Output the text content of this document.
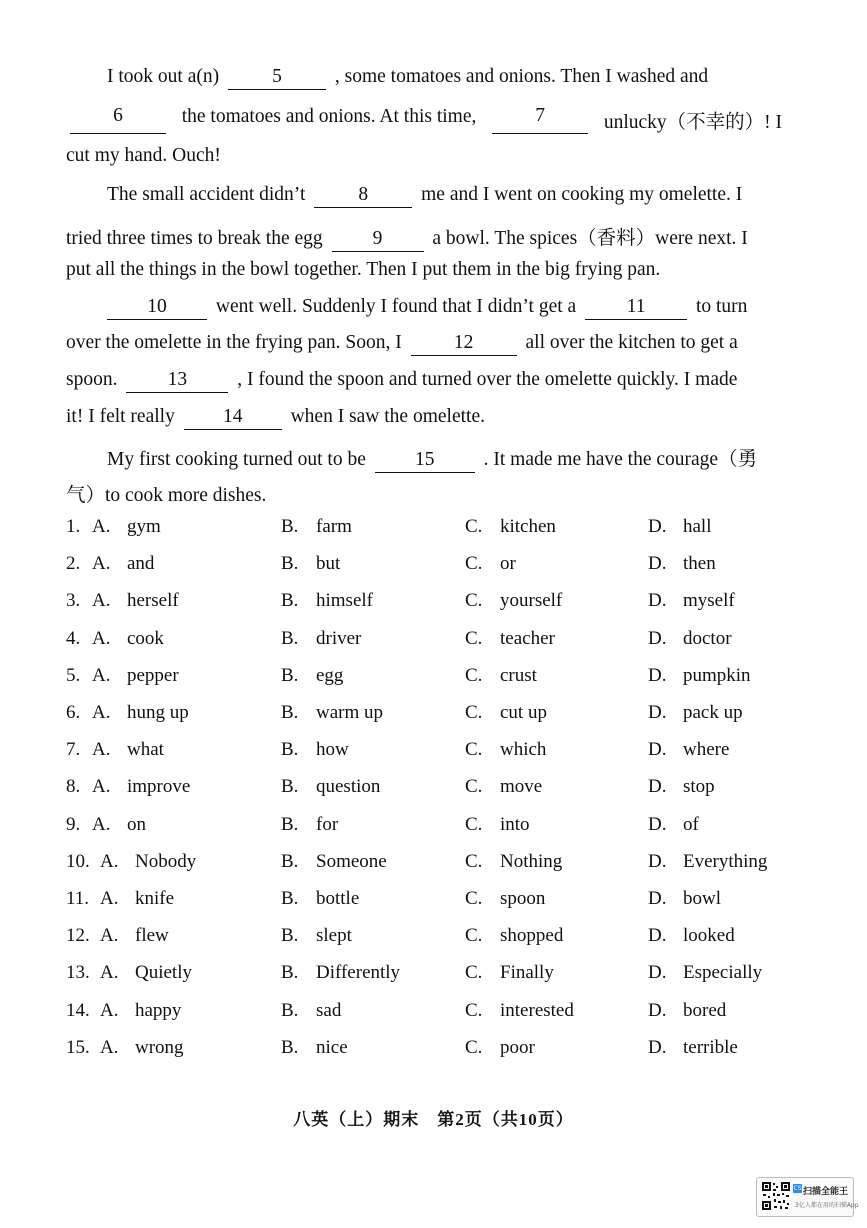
I took out a(n)	5	, some tomatoes and onions. Then I washed and
6	the tomatoes and onions. At this time,	7	unlucky（不幸的）! I
cut my hand. Ouch!
The small accident didn’t	8	me and I went on cooking my omelette. I
tried three times to break the egg	9	a bowl. The spices（香料）were next. I
put all the things in the bowl together. Then I put them in the big frying pan.
10	went well. Suddenly I found that I didn’t get a	11	to turn
over the omelette in the frying pan. Soon, I	12	all over the kitchen to get a
spoon.	13	, I found the spoon and turned over the omelette quickly. I made
it! I felt really 14 when I saw the omelette.
My first cooking turned out to be	15	. It made me have the courage（勇
气）to cook more dishes.
1. A. gym	B. farm	C. kitchen	D. hall
2. A. and	B. but	C. or	D. then
3. A. herself	B. himself	C. yourself	D. myself
4. A. cook	B. driver	C. teacher	D. doctor
5. A. pepper	B. egg	C. crust	D. pumpkin
6. A. hung up	B. warm up	C. cut up	D. pack up
7. A. what	B. how	C. which	D. where
8. A. improve	B. question	C. move	D. stop
9. A. on	B. for	C. into	D. of
10. A. Nobody	B. Someone	C. Nothing	D. Everything
11. A. knife	B. bottle	C. spoon	D. bowl
12. A. flew	B. slept	C. shopped	D. looked
13. A. Quietly	B. Differently	C. Finally	D. Especially
14. A. happy	B. sad	C. interested	D. bored
15. A. wrong	B. nice	C. poor	D. terrible
八英（上）期末　第2页（共10页）
CS 扫描全能王
3亿人都在用的扫描App
